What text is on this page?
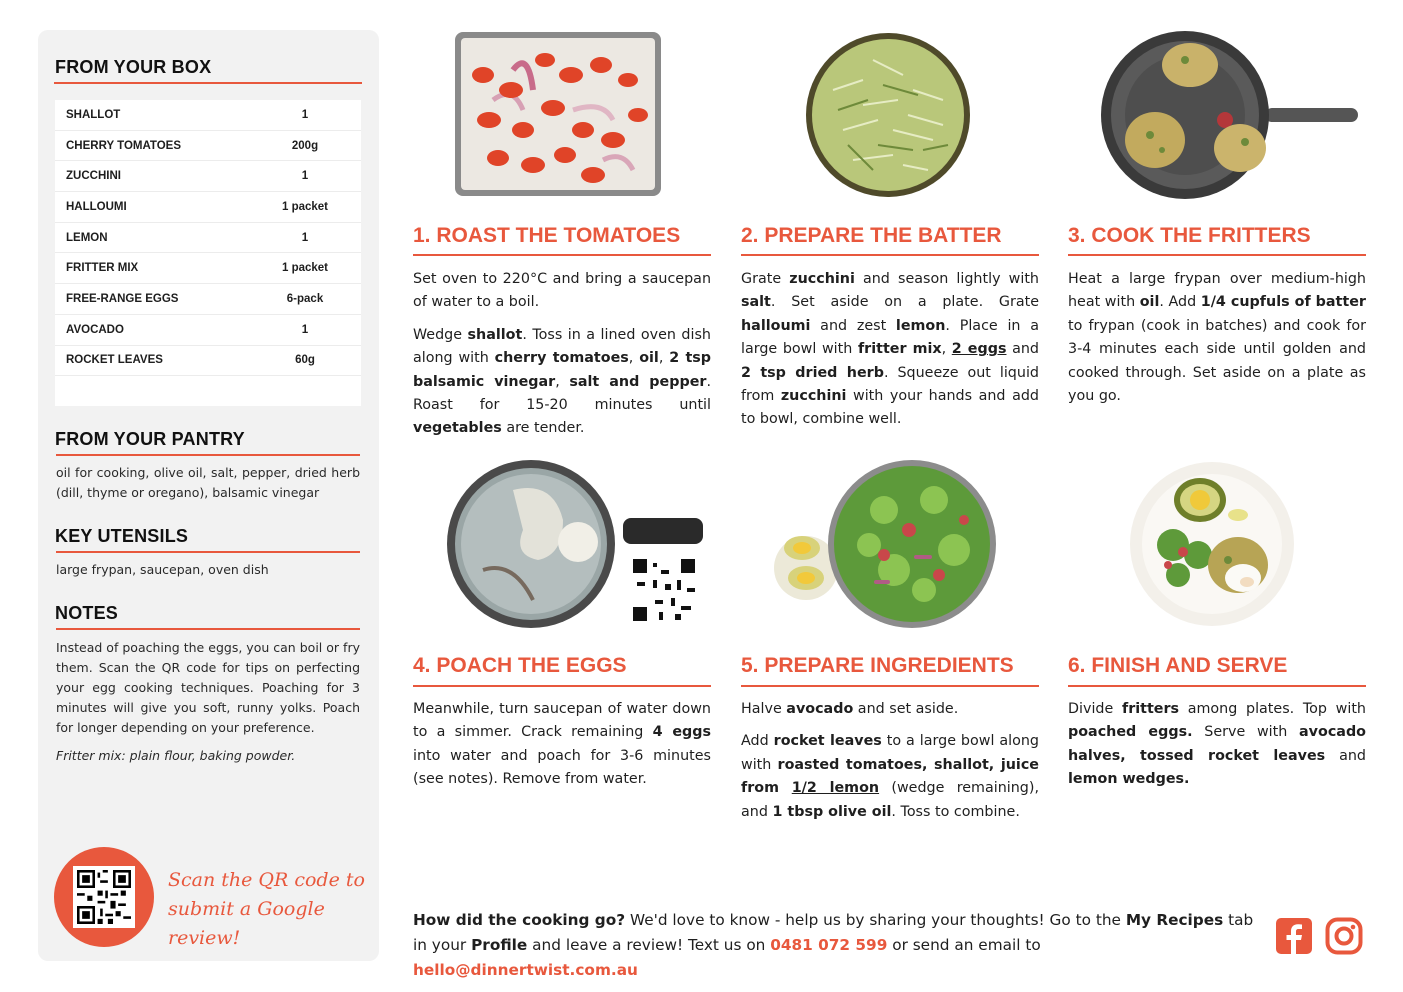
FROM YOUR BOX
SHALLOT	1
CHERRY TOMATOES	200g
ZUCCHINI	1
HALLOUMI	1 packet
LEMON	1
FRITTER MIX	1 packet
FREE-RANGE EGGS	6-pack
AVOCADO	1
ROCKET LEAVES	60g
FROM YOUR PANTRY
oil for cooking, olive oil, salt, pepper, dried herb (dill, thyme or oregano), balsamic vinegar
KEY UTENSILS
large frypan, saucepan, oven dish
NOTES
Instead of poaching the eggs, you can boil or fry them. Scan the QR code for tips on perfecting your egg cooking techniques. Poaching for 3 minutes will give you soft, runny yolks. Poach for longer depending on your preference.
Fritter mix: plain flour, baking powder.
Scan the QR code to submit a Google review!
1. ROAST THE TOMATOES	2. PREPARE THE BATTER	3. COOK THE FRITTERS
4. POACH THE EGGS	5. PREPARE INGREDIENTS	6. FINISH AND SERVE

Set oven to 220°C and bring a saucepan of water to a boil.

Wedge shallot. Toss in a lined oven dish along with cherry tomatoes, oil, 2 tsp balsamic vinegar, salt and pepper. Roast for 15-20 minutes until vegetables are tender.

Grate zucchini and season lightly with salt. Set aside on a plate. Grate halloumi and zest lemon. Place in a large bowl with fritter mix, 2 eggs and 2 tsp dried herb. Squeeze out liquid from zucchini with your hands and add to bowl, combine well.

Heat a large frypan over medium-high heat with oil. Add 1/4 cupfuls of batter to frypan (cook in batches) and cook for 3-4 minutes each side until golden and cooked through. Set aside on a plate as you go.

Meanwhile, turn saucepan of water down to a simmer. Crack remaining 4 eggs into water and poach for 3-6 minutes (see notes). Remove from water.

Halve avocado and set aside.

Add rocket leaves to a large bowl along with roasted tomatoes, shallot, juice from 1/2 lemon (wedge remaining), and 1 tbsp olive oil. Toss to combine.

Divide fritters among plates. Top with poached eggs. Serve with avocado halves, tossed rocket leaves and lemon wedges.

How did the cooking go? We'd love to know - help us by sharing your thoughts! Go to the My Recipes tab in your Profile and leave a review! Text us on 0481 072 599 or send an email to hello@dinnertwist.com.au
